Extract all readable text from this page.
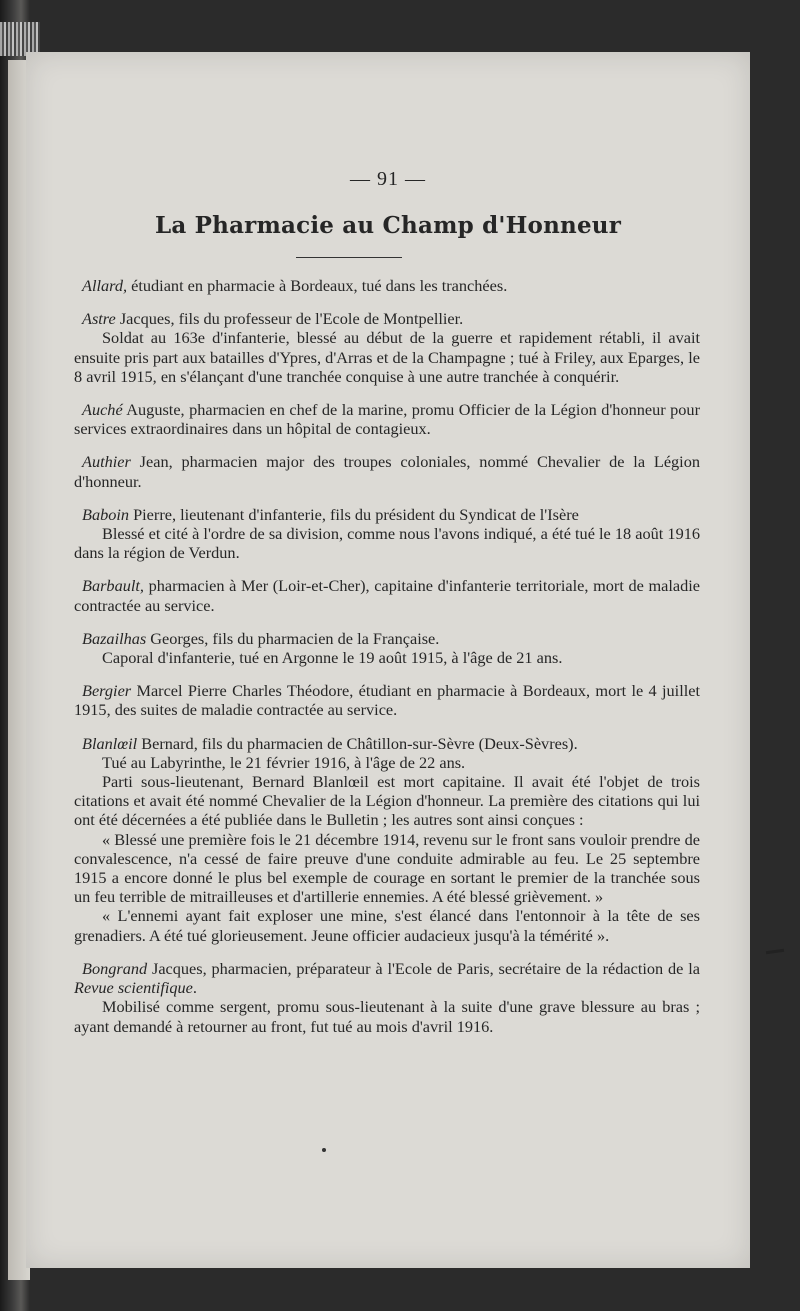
— 91 —
La Pharmacie au Champ d'Honneur

Allard, étudiant en pharmacie à Bordeaux, tué dans les tranchées.

Astre Jacques, fils du professeur de l'Ecole de Montpellier.

Soldat au 163e d'infanterie, blessé au début de la guerre et rapidement rétabli, il avait ensuite pris part aux batailles d'Ypres, d'Arras et de la Champagne ; tué à Friley, aux Eparges, le 8 avril 1915, en s'élançant d'une tranchée conquise à une autre tranchée à conquérir.

Auché Auguste, pharmacien en chef de la marine, promu Officier de la Légion d'honneur pour services extraordinaires dans un hôpital de contagieux.

Authier Jean, pharmacien major des troupes coloniales, nommé Chevalier de la Légion d'honneur.

Baboin Pierre, lieutenant d'infanterie, fils du président du Syndicat de l'Isère

Blessé et cité à l'ordre de sa division, comme nous l'avons indiqué, a été tué le 18 août 1916 dans la région de Verdun.

Barbault, pharmacien à Mer (Loir-et-Cher), capitaine d'infanterie territoriale, mort de maladie contractée au service.

Bazailhas Georges, fils du pharmacien de la Française.

Caporal d'infanterie, tué en Argonne le 19 août 1915, à l'âge de 21 ans.

Bergier Marcel Pierre Charles Théodore, étudiant en pharmacie à Bordeaux, mort le 4 juillet 1915, des suites de maladie contractée au service.

Blanlœil Bernard, fils du pharmacien de Châtillon-sur-Sèvre (Deux-Sèvres).

Tué au Labyrinthe, le 21 février 1916, à l'âge de 22 ans.

Parti sous-lieutenant, Bernard Blanlœil est mort capitaine. Il avait été l'objet de trois citations et avait été nommé Chevalier de la Légion d'honneur. La première des citations qui lui ont été décernées a été publiée dans le Bulletin ; les autres sont ainsi conçues :

« Blessé une première fois le 21 décembre 1914, revenu sur le front sans vouloir prendre de convalescence, n'a cessé de faire preuve d'une conduite admirable au feu. Le 25 septembre 1915 a encore donné le plus bel exemple de courage en sortant le premier de la tranchée sous un feu terrible de mitrailleuses et d'artillerie ennemies. A été blessé grièvement. »

« L'ennemi ayant fait exploser une mine, s'est élancé dans l'entonnoir à la tête de ses grenadiers. A été tué glorieusement. Jeune officier audacieux jusqu'à la témérité ».

Bongrand Jacques, pharmacien, préparateur à l'Ecole de Paris, secrétaire de la rédaction de la Revue scientifique.

Mobilisé comme sergent, promu sous-lieutenant à la suite d'une grave blessure au bras ; ayant demandé à retourner au front, fut tué au mois d'avril 1916.
